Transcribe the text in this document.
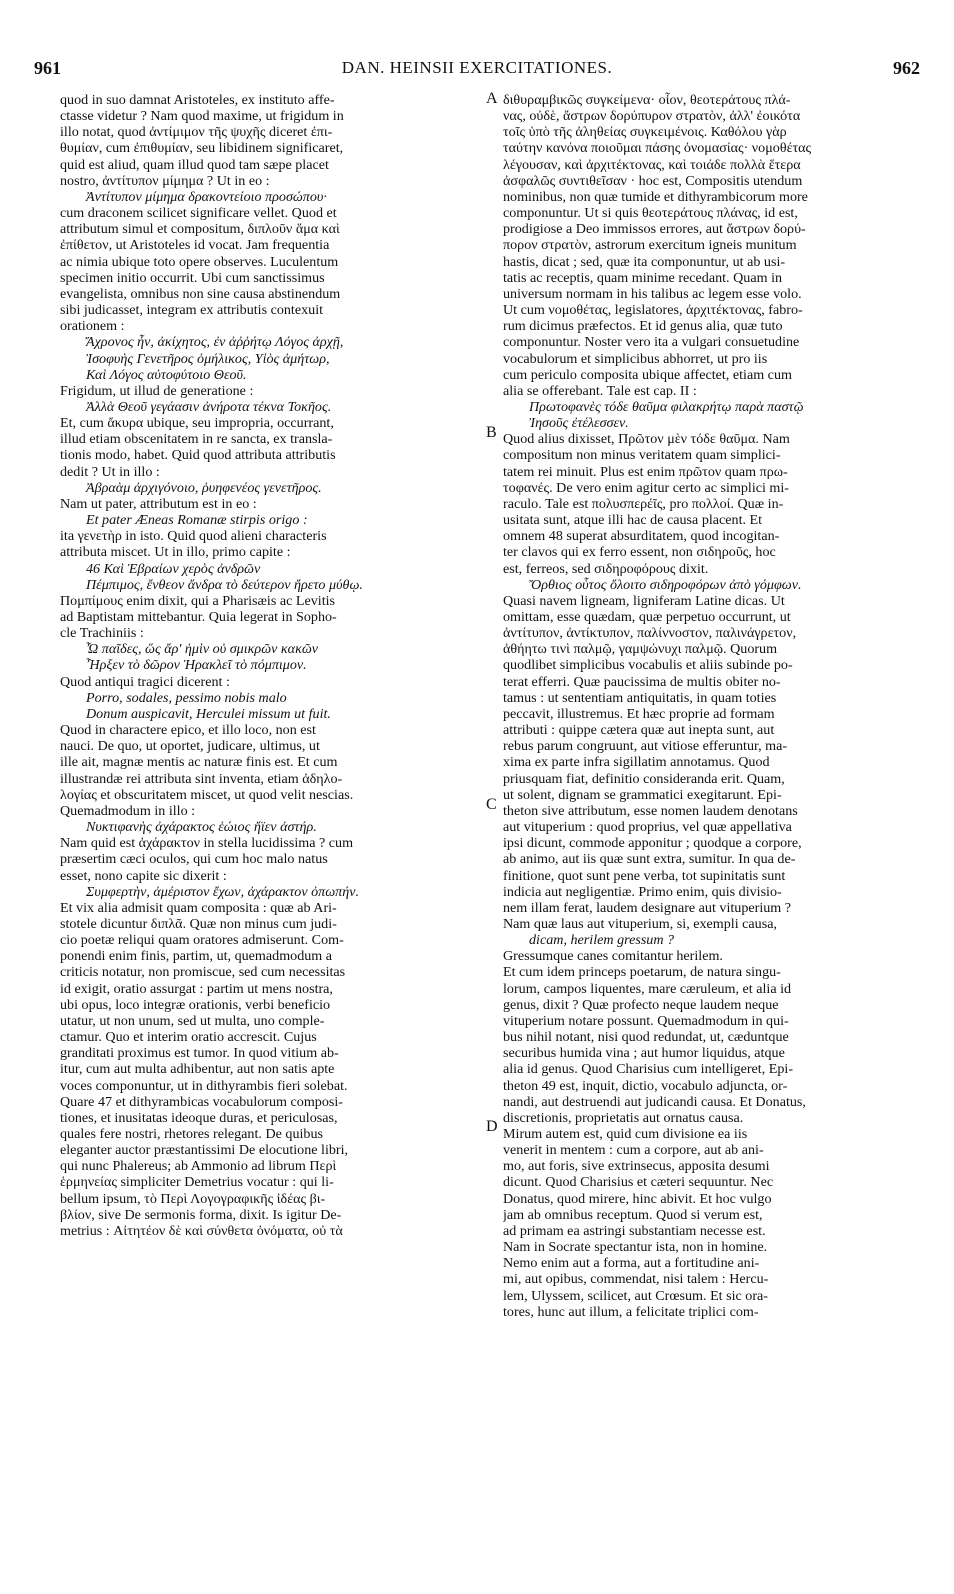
961	DAN. HEINSII EXERCITATIONES.	962

quod in suo damnat Aristoteles, ex instituto affe-

ctasse videtur ? Nam quod maxime, ut frigidum in

illo notat, quod ἀντίμιμον τῆς ψυχῆς diceret ἐπι-

θυμίαν, cum ἐπιθυμίαν, seu libidinem significaret,

quid est aliud, quam illud quod tam sæpe placet

nostro, ἀντίτυπον μίμημα ? Ut in eo :

Ἀντίτυπον μίμημα δρακοντείοιο προσώπου·

cum draconem scilicet significare vellet. Quod et

attributum simul et compositum, διπλοῦν ἅμα καὶ

ἐπίθετον, ut Aristoteles id vocat. Jam frequentia

ac nimia ubique toto opere observes. Luculentum

specimen initio occurrit. Ubi cum sanctissimus

evangelista, omnibus non sine causa abstinendum

sibi judicasset, integram ex attributis contexuit

orationem :

Ἄχρονος ἦν, ἀκίχητος, ἐν ἀῤῥήτῳ Λόγος ἀρχῇ,

Ἰσοφυὴς Γενετῆρος ὁμήλικος, Υἱὸς ἀμήτωρ,

Καὶ Λόγος αὐτοφύτοιο Θεοῦ.

Frigidum, ut illud de generatione :

Ἀλλὰ Θεοῦ γεγάασιν ἀνήροτα τέκνα Τοκῆος.

Et, cum ἄκυρα ubique, seu impropria, occurrant,

illud etiam obscenitatem in re sancta, ex transla-

tionis modo, habet. Quid quod attributa attributis

dedit ? Ut in illo :

Ἀβραὰμ ἀρχιγόνοιο, ῥυηφενέος γενετῆρος.

Nam ut pater, attributum est in eo :

Et pater Æneas Romanæ stirpis origo :

ita γενετὴρ in isto. Quid quod alieni characteris

attributa miscet. Ut in illo, primo capite :

46 Καὶ Ἑβραίων χερὸς ἀνδρῶν

Πέμπιμος, ἔνθεον ἄνδρα τὸ δεύτερον ἤρετο μύθῳ.

Πομπίμους enim dixit, qui a Pharisæis ac Levitis

ad Baptistam mittebantur. Quia legerat in Sopho-

cle Trachiniis :

Ὦ παῖδες, ὥς ἄρ' ἡμὶν οὐ σμικρῶν κακῶν

Ἦρξεν τὸ δῶρον Ἡρακλεῖ τὸ πόμπιμον.

Quod antiqui tragici dicerent :

Porro, sodales, pessimo nobis malo

Donum auspicavit, Herculei missum ut fuit.

Quod in charactere epico, et illo loco, non est

nauci. De quo, ut oportet, judicare, ultimus, ut

ille ait, magnæ mentis ac naturæ finis est. Et cum

illustrandæ rei attributa sint inventa, etiam ἀδηλο-

λογίας et obscuritatem miscet, ut quod velit nescias.

Quemadmodum in illo :

Νυκτιφανὴς ἀχάρακτος ἑώιος ἤϊεν ἀστήρ.

Nam quid est ἀχάρακτον in stella lucidissima ? cum

præsertim cæci oculos, qui cum hoc malo natus

esset, nono capite sic dixerit :

Συμφερτὴν, ἀμέριστον ἔχων, ἀχάρακτον ὀπωπήν.

Et vix alia admisit quam composita : quæ ab Ari-

stotele dicuntur διπλᾶ. Quæ non minus cum judi-

cio poetæ reliqui quam oratores admiserunt. Com-

ponendi enim finis, partim, ut, quemadmodum a

criticis notatur, non promiscue, sed cum necessitas

id exigit, oratio assurgat : partim ut mens nostra,

ubi opus, loco integræ orationis, verbi beneficio

utatur, ut non unum, sed ut multa, uno comple-

ctamur. Quo et interim oratio accrescit. Cujus

granditati proximus est tumor. In quod vitium ab-

itur, cum aut multa adhibentur, aut non satis apte

voces componuntur, ut in dithyrambis fieri solebat.

Quare 47 et dithyrambicas vocabulorum composi-

tiones, et inusitatas ideoque duras, et periculosas,

quales fere nostri, rhetores relegant. De quibus

eleganter auctor præstantissimi De elocutione libri,

qui nunc Phalereus; ab Ammonio ad librum Περὶ

ἑρμηνείας simpliciter Demetrius vocatur : qui li-

bellum ipsum, τὸ Περὶ Λογογραφικῆς ἰδέας βι-

βλίον, sive De sermonis forma, dixit. Is igitur De-

metrius : Αἰτητέον δὲ καὶ σύνθετα ὀνόματα, οὐ τὰ

διθυραμβικῶς συγκείμενα· οἷον, θεοτεράτους πλά-

νας, οὐδὲ, ἄστρων δορύπυρον στρατὸν, ἀλλ' ἐοικότα

τοῖς ὑπὸ τῆς ἀληθείας συγκειμένοις. Καθόλου γὰρ

ταύτην κανόνα ποιοῦμαι πάσης ὀνομασίας· νομοθέτας

λέγουσαν, καὶ ἀρχιτέκτονας, καὶ τοιάδε πολλὰ ἕτερα

ἀσφαλῶς συντιθεῖσαν · hoc est, Compositis utendum

nominibus, non quæ tumide et dithyrambicorum more

componuntur. Ut si quis θεοτεράτους πλάνας, id est,

prodigiose a Deo immissos errores, aut ἄστρων δορύ-

πορον στρατὸν, astrorum exercitum igneis munitum

hastis, dicat ; sed, quæ ita componuntur, ut ab usi-

tatis ac receptis, quam minime recedant. Quam in

universum normam in his talibus ac legem esse volo.

Ut cum νομοθέτας, legislatores, ἀρχιτέκτονας, fabro-

rum dicimus præfectos. Et id genus alia, quæ tuto

componuntur. Noster vero ita a vulgari consuetudine

vocabulorum et simplicibus abhorret, ut pro iis

cum periculo composita ubique affectet, etiam cum

alia se offerebant. Tale est cap. II :

Πρωτοφανὲς τόδε θαῦμα φιλακρήτῳ παρὰ παστῷ

Ἰησοῦς ἐτέλεσσεν.

Quod alius dixisset, Πρῶτον μὲν τόδε θαῦμα. Nam

compositum non minus veritatem quam simplici-

tatem rei minuit. Plus est enim πρῶτον quam πρω-

τοφανές. De vero enim agitur certo ac simplici mi-

raculo. Tale est πολυσπερέῖς, pro πολλοί. Quæ in-

usitata sunt, atque illi hac de causa placent. Et

omnem 48 superat absurditatem, quod incogitan-

ter clavos qui ex ferro essent, non σιδηροῦς, hoc

est, ferreos, sed σιδηροφόρους dixit.

Ὄρθιος οὗτος ὄλοιτο σιδηροφόρων ἀπὸ γόμφων.

Quasi navem ligneam, ligniferam Latine dicas. Ut

omittam, esse quædam, quæ perpetuo occurrunt, ut

ἀντίτυπον, ἀντίκτυπον, παλίννοστον, παλινάγρετον,

ἀθήητω τινὶ παλμῷ, γαμψώνυχι παλμῷ. Quorum

quodlibet simplicibus vocabulis et aliis subinde po-

terat efferri. Quæ paucissima de multis obiter no-

tamus : ut sententiam antiquitatis, in quam toties

peccavit, illustremus. Et hæc proprie ad formam

attributi : quippe cætera quæ aut inepta sunt, aut

rebus parum congruunt, aut vitiose efferuntur, ma-

xima ex parte infra sigillatim annotamus. Quod

priusquam fiat, definitio consideranda erit. Quam,

ut solent, dignam se grammatici exegitarunt. Epi-

theton sive attributum, esse nomen laudem denotans

aut vituperium : quod proprius, vel quæ appellativa

ipsi dicunt, commode apponitur ; quodque a corpore,

ab animo, aut iis quæ sunt extra, sumitur. In qua de-

finitione, quot sunt pene verba, tot supinitatis sunt

indicia aut negligentiæ. Primo enim, quis divisio-

nem illam ferat, laudem designare aut vituperium ?

Nam quæ laus aut vituperium, si, exempli causa,

dicam, herilem gressum ?

Gressumque canes comitantur herilem.

Et cum idem princeps poetarum, de natura singu-

lorum, campos liquentes, mare cæruleum, et alia id

genus, dixit ? Quæ profecto neque laudem neque

vituperium notare possunt. Quemadmodum in qui-

bus nihil notant, nisi quod redundat, ut, cæduntque

securibus humida vina ; aut humor liquidus, atque

alia id genus. Quod Charisius cum intelligeret, Epi-

theton 49 est, inquit, dictio, vocabulo adjuncta, or-

nandi, aut destruendi aut judicandi causa. Et Donatus,

discretionis, proprietatis aut ornatus causa.

Mirum autem est, quid cum divisione ea iis

venerit in mentem : cum a corpore, aut ab ani-

mo, aut foris, sive extrinsecus, apposita desumi

dicunt. Quod Charisius et cæteri sequuntur. Nec

Donatus, quod mirere, hinc abivit. Et hoc vulgo

jam ab omnibus receptum. Quod si verum est,

ad primam ea astringi substantiam necesse est.

Nam in Socrate spectantur ista, non in homine.

Nemo enim aut a forma, aut a fortitudine ani-

mi, aut opibus, commendat, nisi talem : Hercu-

lem, Ulyssem, scilicet, aut Crœsum. Et sic ora-

tores, hunc aut illum, a felicitate triplici com-

A
B
C
D
